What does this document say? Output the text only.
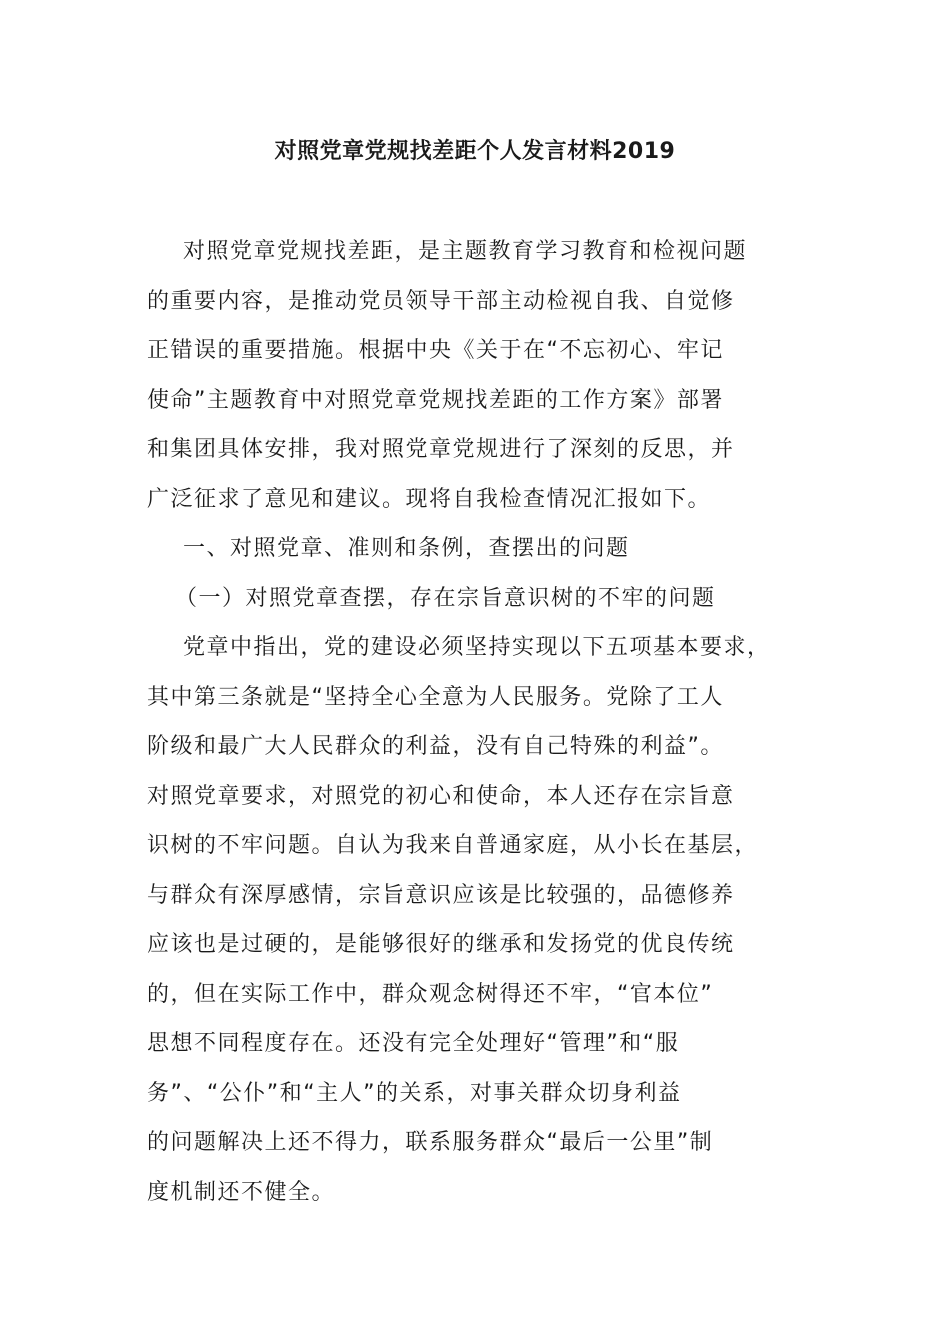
对照党章党规找差距个人发言材料2019
对照党章党规找差距，是主题教育学习教育和检视问题
的重要内容，是推动党员领导干部主动检视自我、自觉修
正错误的重要措施。根据中央《关于在“不忘初心、牢记
使命”主题教育中对照党章党规找差距的工作方案》部署
和集团具体安排，我对照党章党规进行了深刻的反思，并
广泛征求了意见和建议。现将自我检查情况汇报如下。
一、对照党章、准则和条例，查摆出的问题
（一）对照党章查摆，存在宗旨意识树的不牢的问题
党章中指出，党的建设必须坚持实现以下五项基本要求，
其中第三条就是“坚持全心全意为人民服务。党除了工人
阶级和最广大人民群众的利益，没有自己特殊的利益”。
对照党章要求，对照党的初心和使命，本人还存在宗旨意
识树的不牢问题。自认为我来自普通家庭，从小长在基层，
与群众有深厚感情，宗旨意识应该是比较强的，品德修养
应该也是过硬的，是能够很好的继承和发扬党的优良传统
的，但在实际工作中，群众观念树得还不牢，“官本位”
思想不同程度存在。还没有完全处理好“管理”和“服
务”、“公仆”和“主人”的关系，对事关群众切身利益
的问题解决上还不得力，联系服务群众“最后一公里”制
度机制还不健全。
